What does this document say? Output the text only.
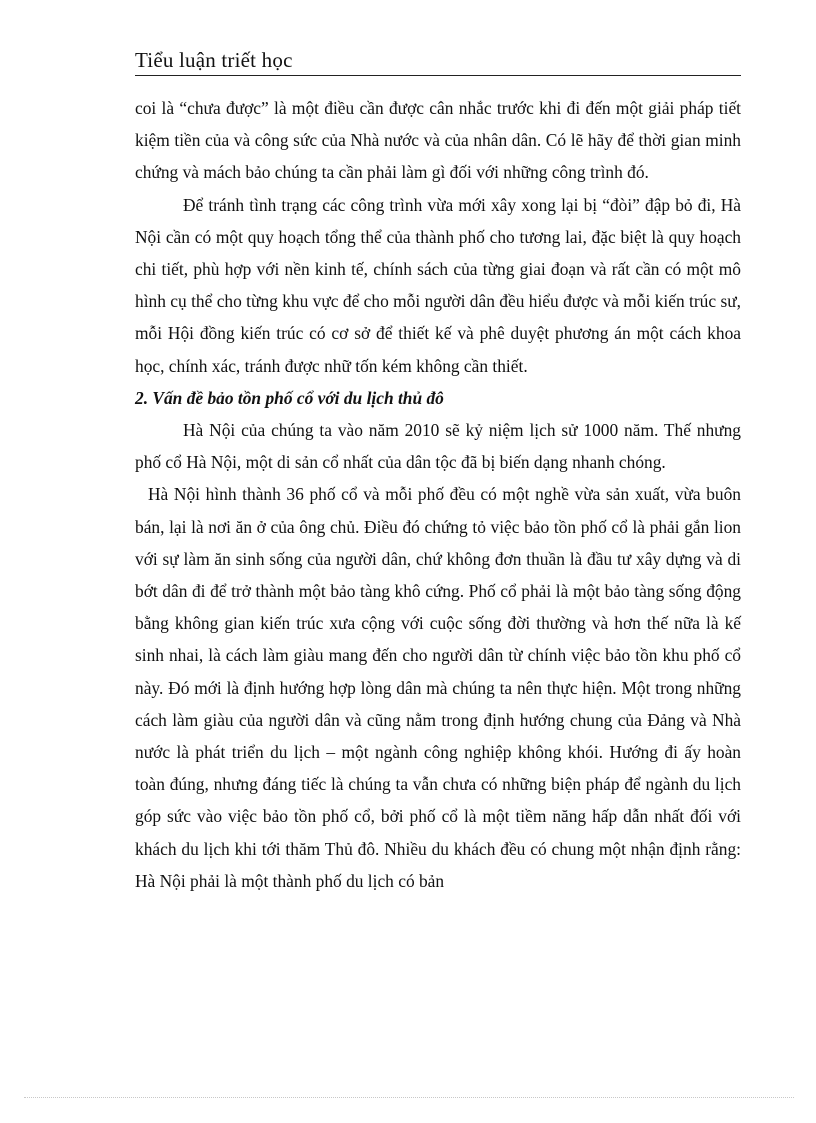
Tiểu luận triết học

coi là “chưa được” là một điều cần được cân nhắc trước khi đi đến một giải pháp tiết kiệm tiền của và công sức của Nhà nước và của nhân dân. Có lẽ hãy để thời gian minh chứng và mách bảo chúng ta cần phải làm gì đối với những công trình đó.

Để tránh tình trạng các công trình vừa mới xây xong lại bị “đòi” đập bỏ đi, Hà Nội cần có một quy hoạch tổng thể của thành phố cho tương lai, đặc biệt là quy hoạch chi tiết, phù hợp với nền kinh tế, chính sách của từng giai đoạn và rất cần có một mô hình cụ thể cho từng khu vực để cho mỗi người dân đều hiểu được và mỗi kiến trúc sư, mỗi Hội đồng kiến trúc có cơ sở để thiết kế và phê duyệt phương án một cách khoa học, chính xác, tránh được nhữ tốn kém không cần thiết.

2. Vấn đề bảo tồn phố cổ với du lịch thủ đô

Hà Nội của chúng ta vào năm 2010 sẽ kỷ niệm lịch sử 1000 năm. Thế nhưng phố cổ Hà Nội, một di sản cổ nhất của dân tộc đã bị biến dạng nhanh chóng.

Hà Nội hình thành 36 phố cổ và mỗi phố đều có một nghề vừa sản xuất, vừa buôn bán, lại là nơi ăn ở của ông chủ. Điều đó chứng tỏ việc bảo tồn phố cổ là phải gắn lion với sự làm ăn sinh sống của người dân, chứ không đơn thuần là đầu tư xây dựng và di bớt dân đi để trở thành một bảo tàng khô cứng. Phố cổ phải là một bảo tàng sống động bằng không gian kiến trúc xưa cộng với cuộc sống đời thường và hơn thế nữa là kế sinh nhai, là cách làm giàu mang đến cho người dân từ chính việc bảo tồn khu phố cổ này. Đó mới là định hướng hợp lòng dân mà chúng ta nên thực hiện. Một trong những cách làm giàu của người dân và cũng nằm trong định hướng chung của Đảng và Nhà nước là phát triển du lịch – một ngành công nghiệp không khói. Hướng đi ấy hoàn toàn đúng, nhưng đáng tiếc là chúng ta vẫn chưa có những biện pháp để ngành du lịch góp sức vào việc bảo tồn phố cổ, bởi phố cổ là một tiềm năng hấp dẫn nhất đối với khách du lịch khi tới thăm Thủ đô. Nhiều du khách đều có chung một nhận định rằng: Hà Nội phải là một thành phố du lịch có bản
